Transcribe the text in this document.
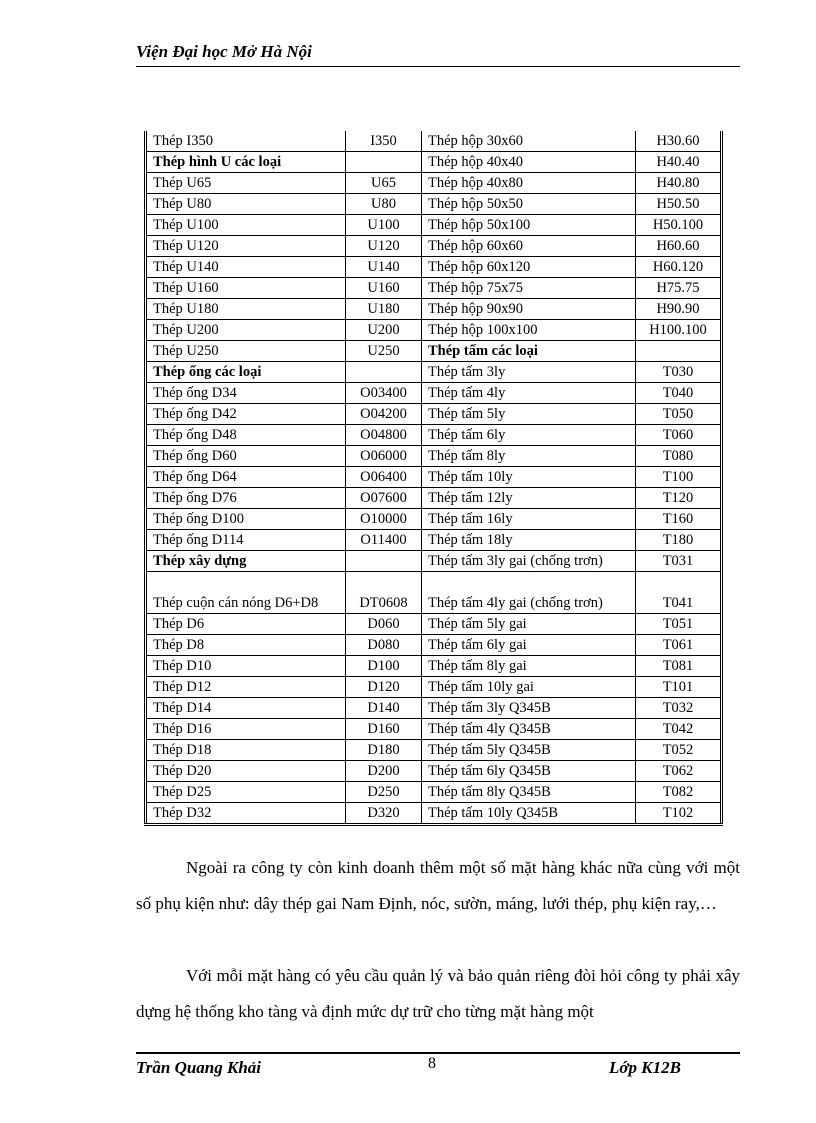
Viện Đại học Mở Hà Nội
Thép I350	I350	Thép hộp 30x60	H30.60
Thép hình U các loại		Thép hộp 40x40	H40.40
Thép U65	U65	Thép hộp 40x80	H40.80
Thép U80	U80	Thép hộp 50x50	H50.50
Thép U100	U100	Thép hộp 50x100	H50.100
Thép U120	U120	Thép hộp 60x60	H60.60
Thép U140	U140	Thép hộp 60x120	H60.120
Thép U160	U160	Thép hộp 75x75	H75.75
Thép U180	U180	Thép hộp 90x90	H90.90
Thép U200	U200	Thép hộp 100x100	H100.100
Thép U250	U250	Thép tấm các loại	
Thép ống các loại		Thép tấm 3ly	T030
Thép ống D34	O03400	Thép tấm 4ly	T040
Thép ống D42	O04200	Thép tấm 5ly	T050
Thép ống D48	O04800	Thép tấm 6ly	T060
Thép ống D60	O06000	Thép tấm 8ly	T080
Thép ống D64	O06400	Thép tấm 10ly	T100
Thép ống D76	O07600	Thép tấm 12ly	T120
Thép ống D100	O10000	Thép tấm 16ly	T160
Thép ống D114	O11400	Thép tấm 18ly	T180
Thép xây dựng		Thép tấm 3ly gai (chống trơn)	T031
Thép cuộn cán nóng D6+D8	DT0608	Thép tấm 4ly gai (chống trơn)	T041
Thép D6	D060	Thép tấm 5ly gai	T051
Thép D8	D080	Thép tấm 6ly gai	T061
Thép D10	D100	Thép tấm 8ly gai	T081
Thép D12	D120	Thép tấm 10ly gai	T101
Thép D14	D140	Thép tấm 3ly Q345B	T032
Thép D16	D160	Thép tấm 4ly Q345B	T042
Thép D18	D180	Thép tấm 5ly Q345B	T052
Thép D20	D200	Thép tấm 6ly Q345B	T062
Thép D25	D250	Thép tấm 8ly Q345B	T082
Thép D32	D320	Thép tấm 10ly Q345B	T102
Ngoài ra công ty còn kinh doanh thêm một số mặt hàng khác nữa cùng với một số phụ kiện như: dây thép gai Nam Định, nóc, sườn, máng, lưới thép, phụ kiện ray,…
Với mỗi mặt hàng có yêu cầu quản lý và bảo quản riêng đòi hỏi công ty phải xây dựng hệ thống kho tàng và định mức dự trữ cho từng mặt hàng một
Trần Quang Khải	8	Lớp K12B
